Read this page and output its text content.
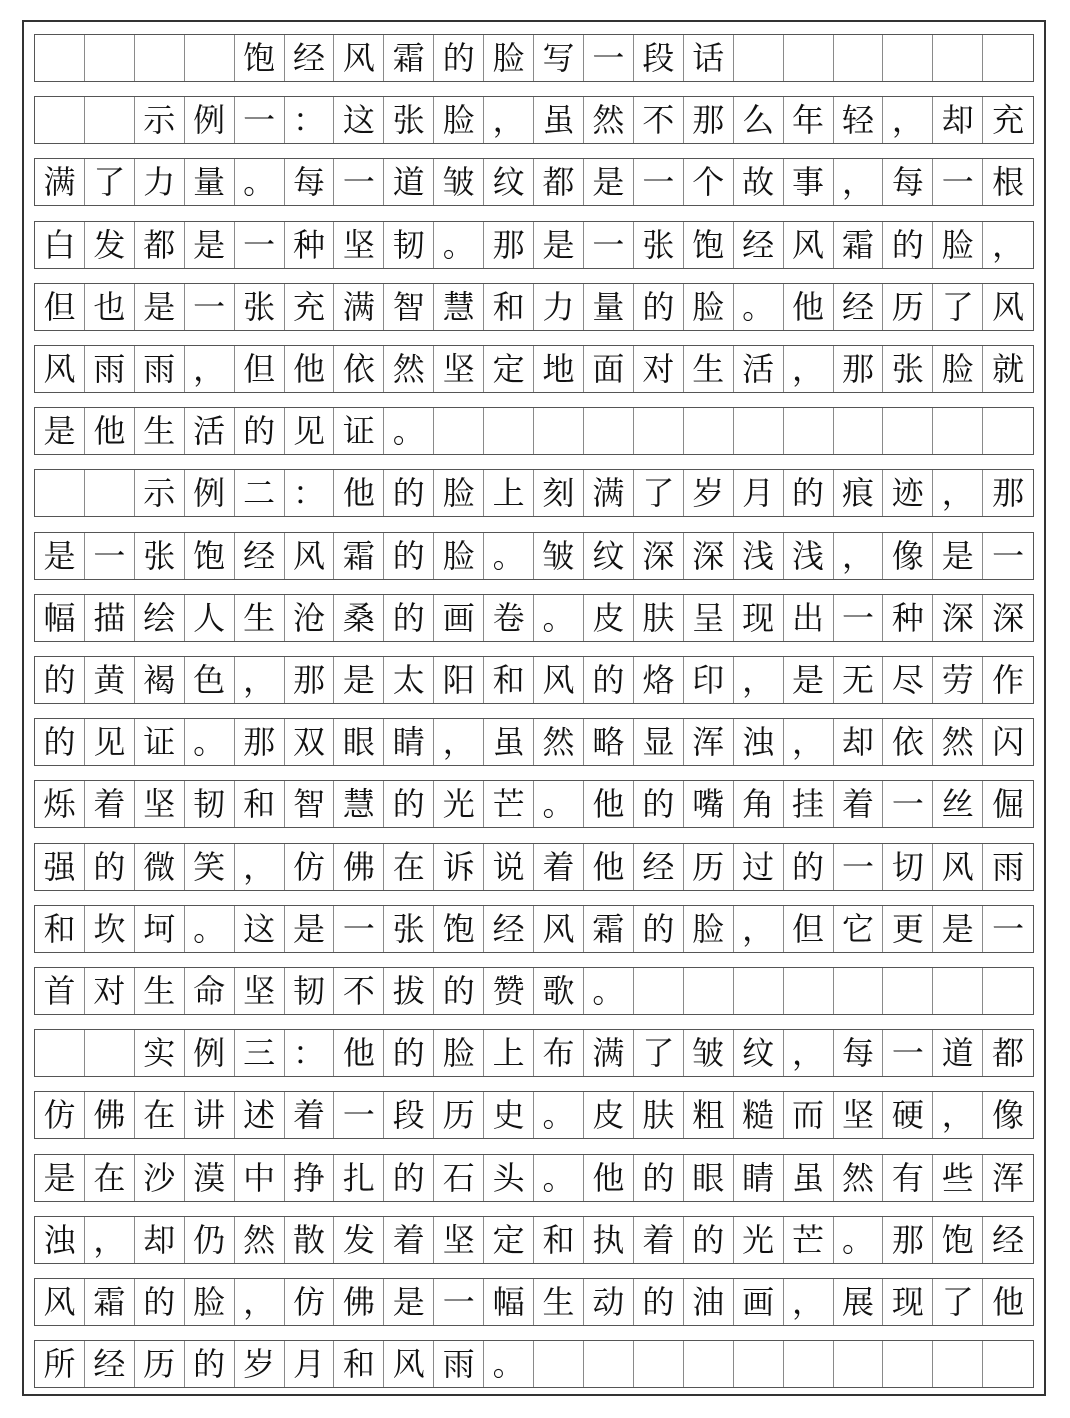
饱 经 风 霜 的 脸 写 一 段 话
示 例 一 ： 这 张 脸 ， 虽 然 不 那 么 年 轻 ， 却 充
满 了 力 量 。 每 一 道 皱 纹 都 是 一 个 故 事 ， 每 一 根
白 发 都 是 一 种 坚 韧 。 那 是 一 张 饱 经 风 霜 的 脸 ，
但 也 是 一 张 充 满 智 慧 和 力 量 的 脸 。 他 经 历 了 风
风 雨 雨 ， 但 他 依 然 坚 定 地 面 对 生 活 ， 那 张 脸 就
是 他 生 活 的 见 证 。
示 例 二 ： 他 的 脸 上 刻 满 了 岁 月 的 痕 迹 ， 那
是 一 张 饱 经 风 霜 的 脸 。 皱 纹 深 深 浅 浅 ， 像 是 一
幅 描 绘 人 生 沧 桑 的 画 卷 。 皮 肤 呈 现 出 一 种 深 深
的 黄 褐 色 ， 那 是 太 阳 和 风 的 烙 印 ， 是 无 尽 劳 作
的 见 证 。 那 双 眼 睛 ， 虽 然 略 显 浑 浊 ， 却 依 然 闪
烁 着 坚 韧 和 智 慧 的 光 芒 。 他 的 嘴 角 挂 着 一 丝 倔
强 的 微 笑 ， 仿 佛 在 诉 说 着 他 经 历 过 的 一 切 风 雨
和 坎 坷 。 这 是 一 张 饱 经 风 霜 的 脸 ， 但 它 更 是 一
首 对 生 命 坚 韧 不 拔 的 赞 歌 。
实 例 三 ： 他 的 脸 上 布 满 了 皱 纹 ， 每 一 道 都
仿 佛 在 讲 述 着 一 段 历 史 。 皮 肤 粗 糙 而 坚 硬 ， 像
是 在 沙 漠 中 挣 扎 的 石 头 。 他 的 眼 睛 虽 然 有 些 浑
浊 ， 却 仍 然 散 发 着 坚 定 和 执 着 的 光 芒 。 那 饱 经
风 霜 的 脸 ， 仿 佛 是 一 幅 生 动 的 油 画 ， 展 现 了 他
所 经 历 的 岁 月 和 风 雨 。
